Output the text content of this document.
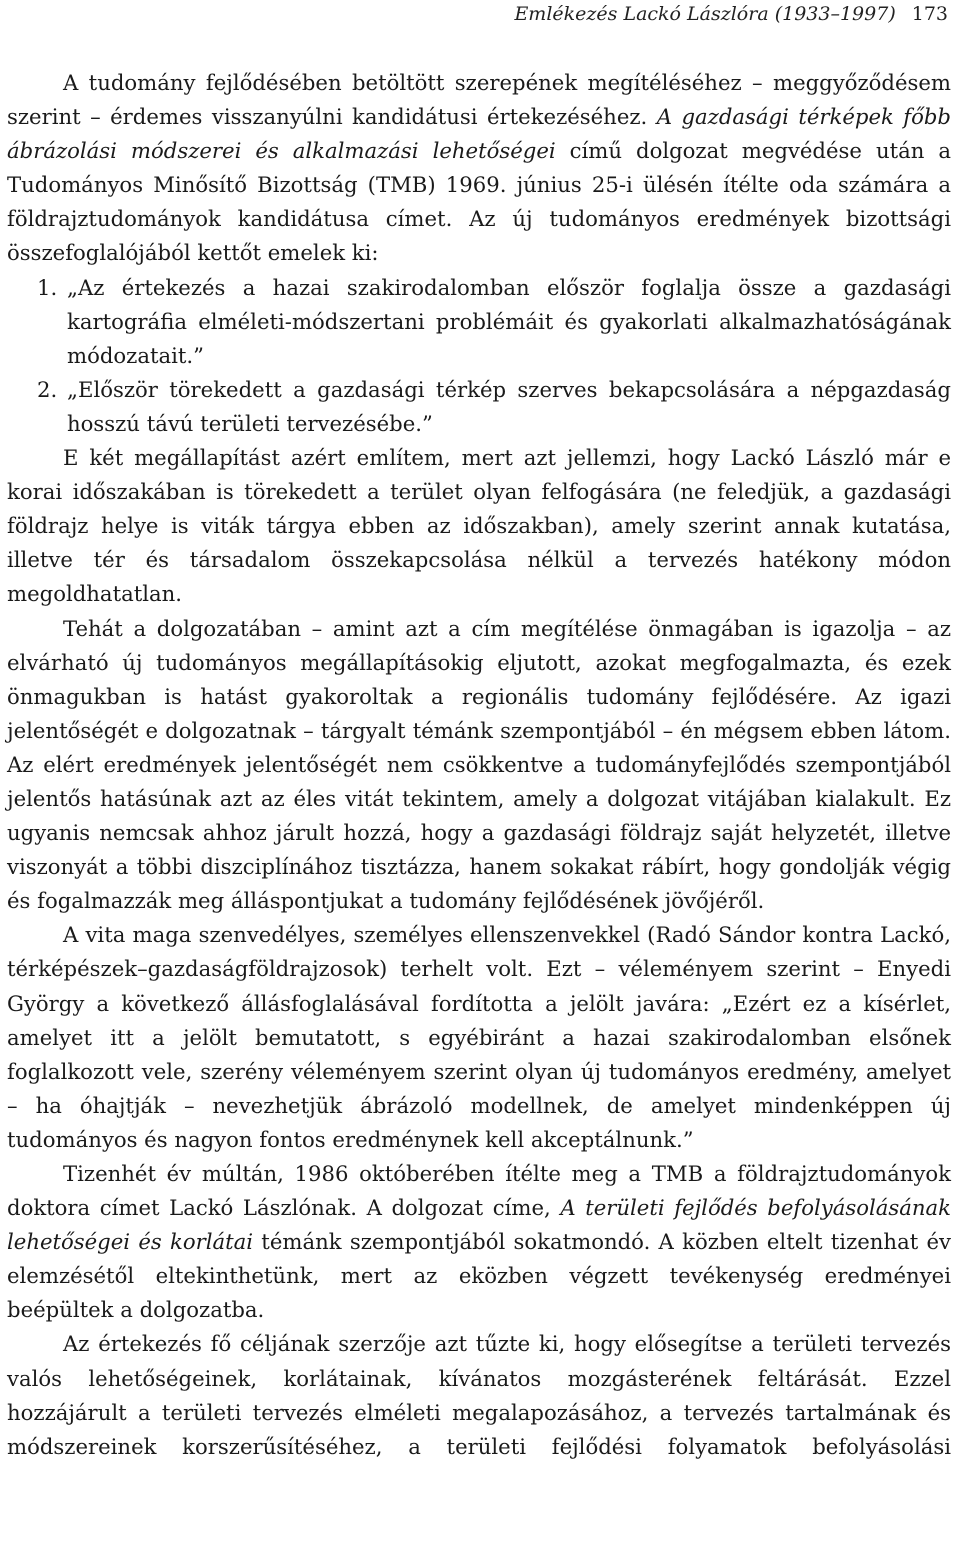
Emlékezés Lackó Lászlóra (1933–1997) 173

A tudomány fejlődésében betöltött szerepének megítéléséhez – meggyőződésem szerint – érdemes visszanyúlni kandidátusi értekezéséhez. A gazdasági térképek főbb ábrázolási módszerei és alkalmazási lehetőségei című dolgozat megvédése után a Tudományos Minősítő Bizottság (TMB) 1969. június 25-i ülésén ítélte oda számára a földrajztudományok kandidátusa címet. Az új tudományos eredmények bizottsági összefoglalójából kettőt emelek ki:

1. „Az értekezés a hazai szakirodalomban először foglalja össze a gazdasági kartográfia elméleti-módszertani problémáit és gyakorlati alkalmazhatóságának módozatait.”

2. „Először törekedett a gazdasági térkép szerves bekapcsolására a népgazdaság hosszú távú területi tervezésébe.”

E két megállapítást azért említem, mert azt jellemzi, hogy Lackó László már e korai időszakában is törekedett a terület olyan felfogására (ne feledjük, a gazdasági földrajz helye is viták tárgya ebben az időszakban), amely szerint annak kutatása, illetve tér és társadalom összekapcsolása nélkül a tervezés hatékony módon megoldhatatlan.

Tehát a dolgozatában – amint azt a cím megítélése önmagában is igazolja – az elvárható új tudományos megállapításokig eljutott, azokat megfogalmazta, és ezek önmagukban is hatást gyakoroltak a regionális tudomány fejlődésére. Az igazi jelentőségét e dolgozatnak – tárgyalt témánk szempontjából – én mégsem ebben látom. Az elért eredmények jelentőségét nem csökkentve a tudományfejlődés szempontjából jelentős hatásúnak azt az éles vitát tekintem, amely a dolgozat vitájában kialakult. Ez ugyanis nemcsak ahhoz járult hozzá, hogy a gazdasági földrajz saját helyzetét, illetve viszonyát a többi diszciplínához tisztázza, hanem sokakat rábírt, hogy gondolják végig és fogalmazzák meg álláspontjukat a tudomány fejlődésének jövőjéről.

A vita maga szenvedélyes, személyes ellenszenvekkel (Radó Sándor kontra Lackó, térképészek–gazdaságföldrajzosok) terhelt volt. Ezt – véleményem szerint – Enyedi György a következő állásfoglalásával fordította a jelölt javára: „Ezért ez a kísérlet, amelyet itt a jelölt bemutatott, s egyébiránt a hazai szakirodalomban elsőnek foglalkozott vele, szerény véleményem szerint olyan új tudományos eredmény, amelyet – ha óhajtják – nevezhetjük ábrázoló modellnek, de amelyet mindenképpen új tudományos és nagyon fontos eredménynek kell akceptálnunk.”

Tizenhét év múltán, 1986 októberében ítélte meg a TMB a földrajztudományok doktora címet Lackó Lászlónak. A dolgozat címe, A területi fejlődés befolyásolásának lehetőségei és korlátai témánk szempontjából sokatmondó. A közben eltelt tizenhat év elemzésétől eltekinthetünk, mert az eközben végzett tevékenység eredményei beépültek a dolgozatba.

Az értekezés fő céljának szerzője azt tűzte ki, hogy elősegítse a területi tervezés valós lehetőségeinek, korlátainak, kívánatos mozgásterének feltárását. Ezzel hozzájárult a területi tervezés elméleti megalapozásához, a tervezés tartalmának és módszereinek korszerűsítéséhez, a területi fejlődési folyamatok befolyásolási
